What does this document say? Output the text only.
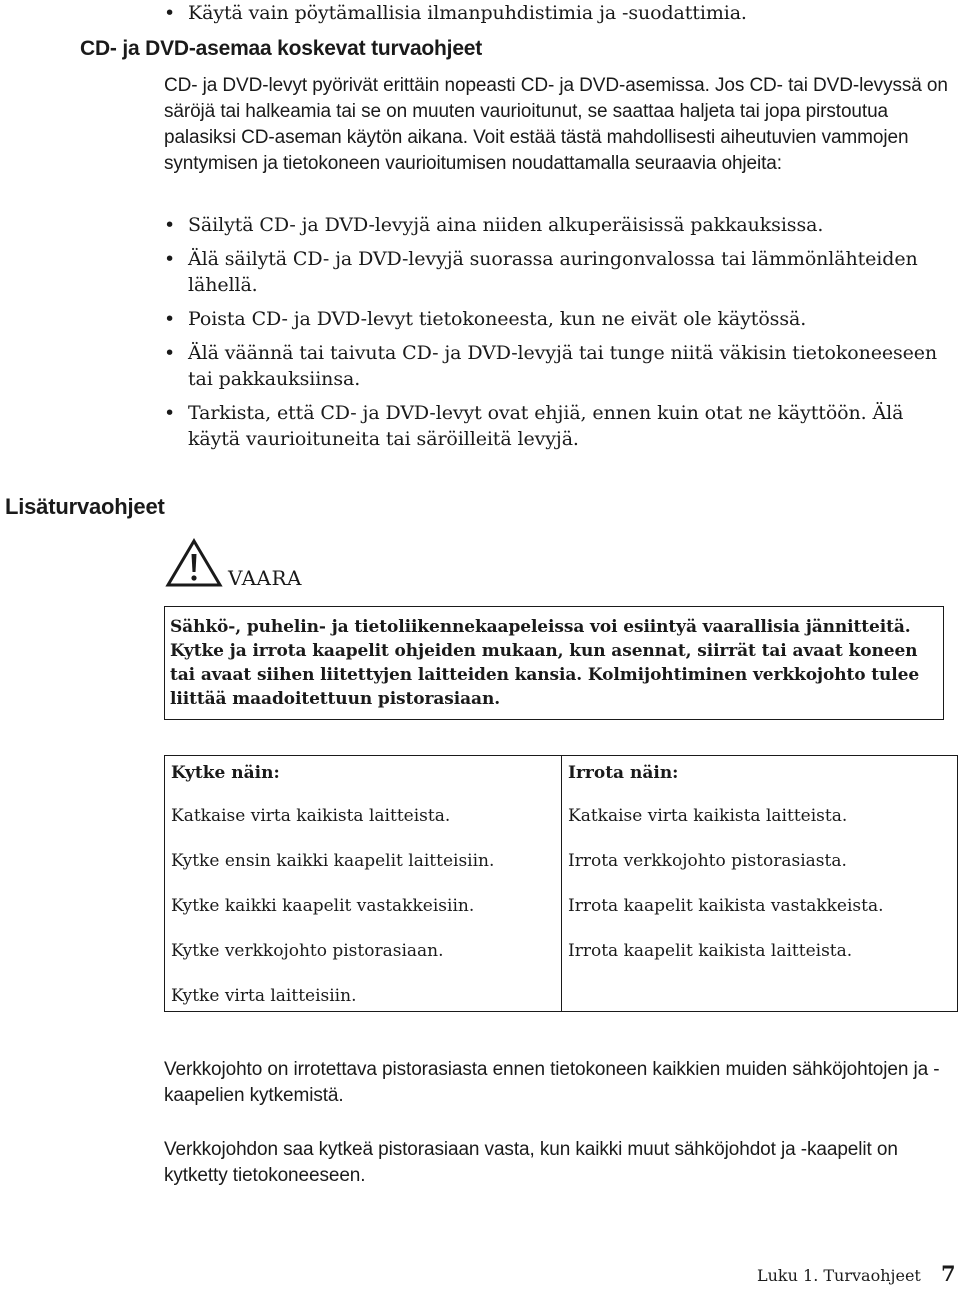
• Käytä vain pöytämallisia ilmanpuhdistimia ja -suodattimia.
CD- ja DVD-asemaa koskevat turvaohjeet
CD- ja DVD-levyt pyörivät erittäin nopeasti CD- ja DVD-asemissa. Jos CD- tai DVD-levyssä on säröjä tai halkeamia tai se on muuten vaurioitunut, se saattaa haljeta tai jopa pirstoutua palasiksi CD-aseman käytön aikana. Voit estää tästä mahdollisesti aiheutuvien vammojen syntymisen ja tietokoneen vaurioitumisen noudattamalla seuraavia ohjeita:
• Säilytä CD- ja DVD-levyjä aina niiden alkuperäisissä pakkauksissa.
• Älä säilytä CD- ja DVD-levyjä suorassa auringonvalossa tai lämmönlähteiden lähellä.
• Poista CD- ja DVD-levyt tietokoneesta, kun ne eivät ole käytössä.
• Älä väännä tai taivuta CD- ja DVD-levyjä tai tunge niitä väkisin tietokoneeseen tai pakkauksiinsa.
• Tarkista, että CD- ja DVD-levyt ovat ehjiä, ennen kuin otat ne käyttöön. Älä käytä vaurioituneita tai säröilleitä levyjä.
Lisäturvaohjeet
VAARA
Sähkö-, puhelin- ja tietoliikennekaapeleissa voi esiintyä vaarallisia jännitteitä. Kytke ja irrota kaapelit ohjeiden mukaan, kun asennat, siirrät tai avaat koneen tai avaat siihen liitettyjen laitteiden kansia. Kolmijohtiminen verkkojohto tulee liittää maadoitettuun pistorasiaan.
Kytke näin:
Katkaise virta kaikista laitteista.
Kytke ensin kaikki kaapelit laitteisiin.
Kytke kaikki kaapelit vastakkeisiin.
Kytke verkkojohto pistorasiaan.
Kytke virta laitteisiin.
Irrota näin:
Katkaise virta kaikista laitteista.
Irrota verkkojohto pistorasiasta.
Irrota kaapelit kaikista vastakkeista.
Irrota kaapelit kaikista laitteista.
Verkkojohto on irrotettava pistorasiasta ennen tietokoneen kaikkien muiden sähköjohtojen ja -kaapelien kytkemistä.
Verkkojohdon saa kytkeä pistorasiaan vasta, kun kaikki muut sähköjohdot ja -kaapelit on kytketty tietokoneeseen.
Luku 1. Turvaohjeet 7
